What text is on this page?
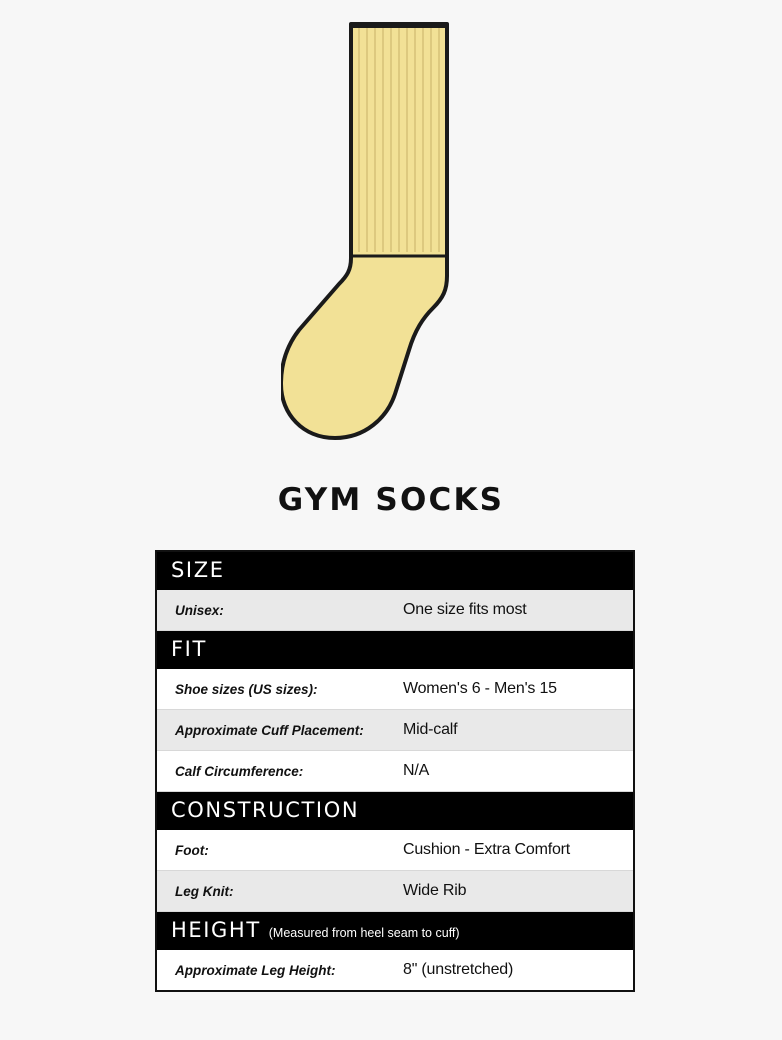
GYM SOCKS
SIZE
Unisex:	One size fits most
FIT
Shoe sizes (US sizes):	Women's 6 - Men's 15
Approximate Cuff Placement:	Mid-calf
Calf Circumference:	N/A
CONSTRUCTION
Foot:	Cushion - Extra Comfort
Leg Knit:	Wide Rib
HEIGHT (Measured from heel seam to cuff)
Approximate Leg Height:	8" (unstretched)
